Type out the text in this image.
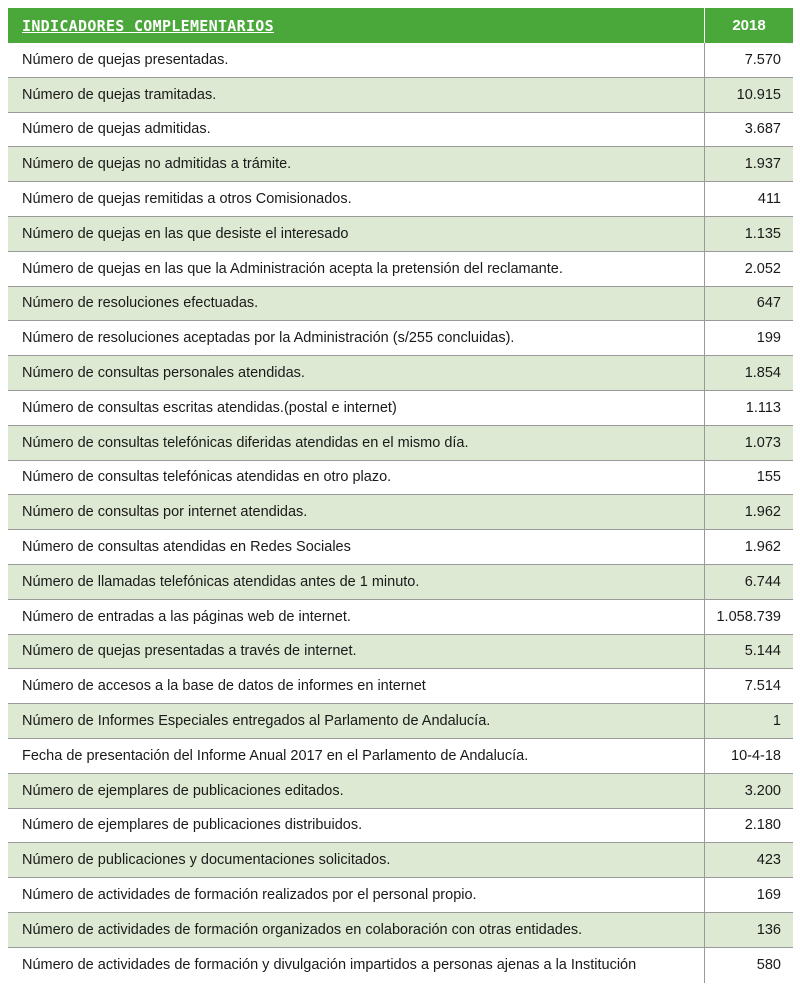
INDICADORES COMPLEMENTARIOS	2018
Número de quejas presentadas.	7.570
Número de quejas tramitadas.	10.915
Número de quejas admitidas.	3.687
Número de quejas no admitidas a trámite.	1.937
Número de quejas remitidas a otros Comisionados.	411
Número de quejas en las que desiste el interesado	1.135
Número de quejas en las que la Administración acepta la pretensión del reclamante.	2.052
Número de resoluciones efectuadas.	647
Número de resoluciones aceptadas por la Administración (s/255 concluidas).	199
Número de consultas personales atendidas.	1.854
Número de consultas escritas atendidas.(postal e internet)	1.113
Número de consultas telefónicas diferidas atendidas en el mismo día.	1.073
Número de consultas telefónicas atendidas en otro plazo.	155
Número de consultas por internet atendidas.	1.962
Número de consultas atendidas en Redes Sociales	1.962
Número de llamadas telefónicas atendidas antes de 1 minuto.	6.744
Número de entradas a las páginas web de internet.	1.058.739
Número de quejas presentadas a través de internet.	5.144
Número de accesos a la base de datos de informes en internet	7.514
Número de Informes Especiales entregados al Parlamento de Andalucía.	1
Fecha de presentación del Informe Anual 2017 en el Parlamento de Andalucía.	10-4-18
Número de ejemplares de publicaciones editados.	3.200
Número de ejemplares de publicaciones distribuidos.	2.180
Número de publicaciones y documentaciones solicitados.	423
Número de actividades de formación realizados por el personal propio.	169
Número de actividades de formación organizados en colaboración con otras entidades.	136
Número de actividades de formación y divulgación impartidos a personas ajenas a la Institución	580
